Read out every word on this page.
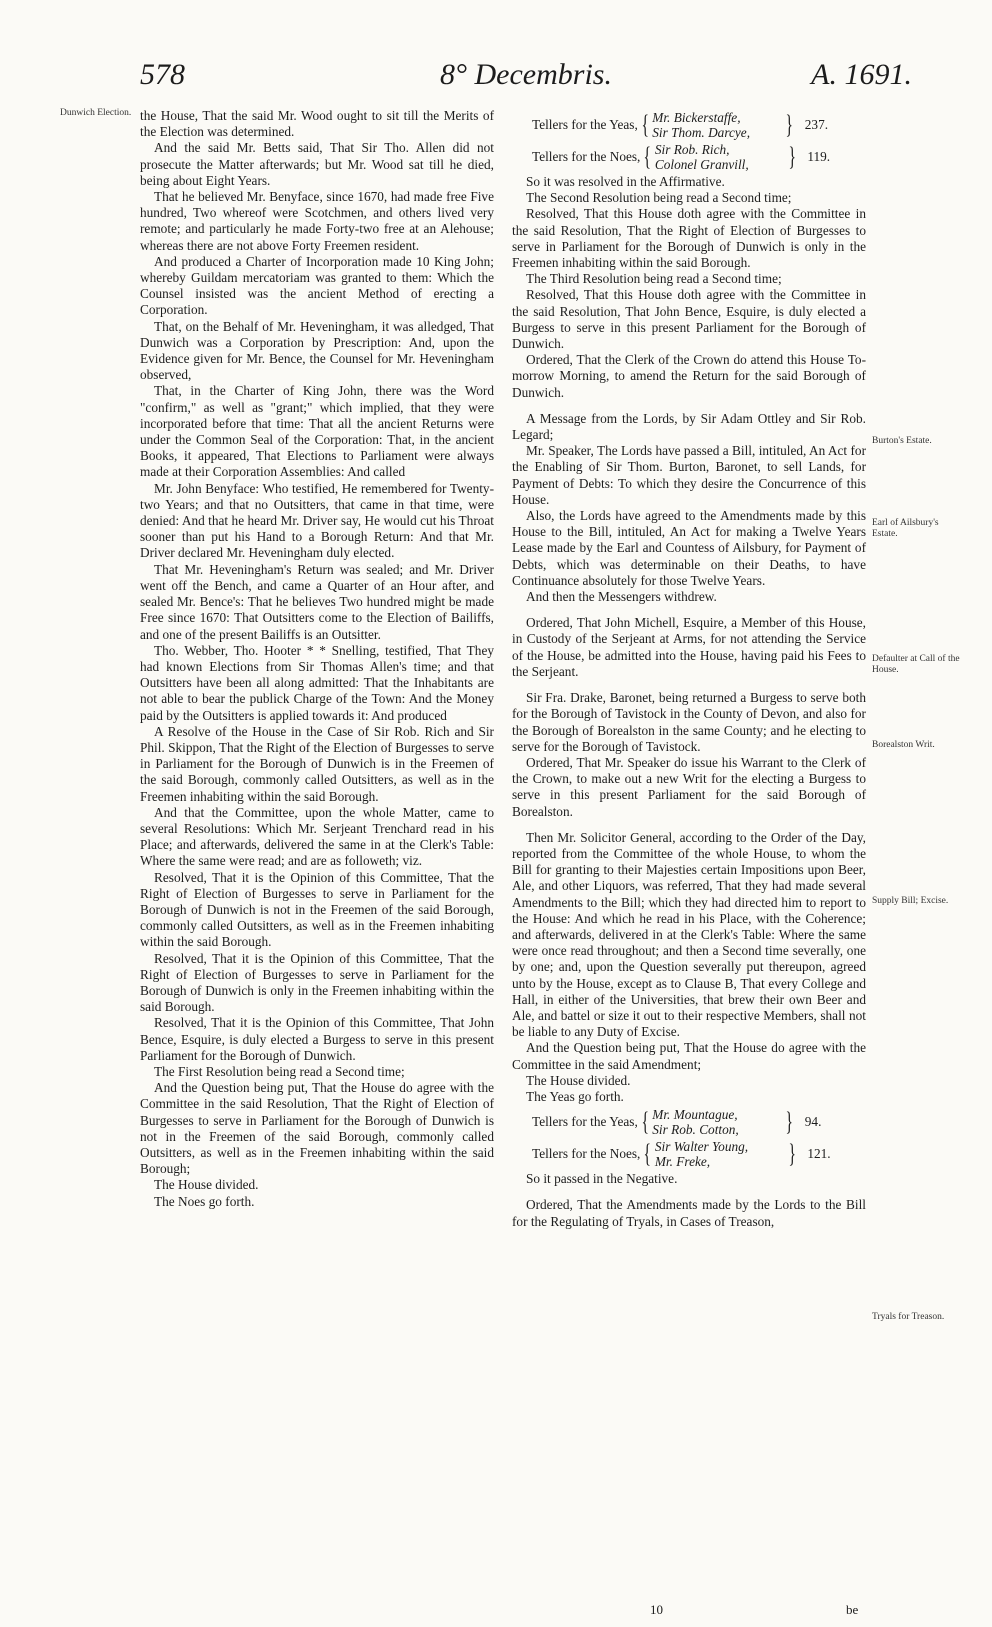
578	8° Decembris.	A. 1691.
Dunwich Election. the House, That the said Mr. Wood ought to sit till the Merits of the Election was determined.

And the said Mr. Betts said, That Sir Tho. Allen did not prosecute the Matter afterwards; but Mr. Wood sat till he died, being about Eight Years.

That he believed Mr. Benyface, since 1670, had made free Five hundred, Two whereof were Scotchmen, and others lived very remote; and particularly he made Forty-two free at an Alehouse; whereas there are not above Forty Freemen resident.

And produced a Charter of Incorporation made 10 King John; whereby Guildam mercatoriam was granted to them: Which the Counsel insisted was the ancient Method of erecting a Corporation.

That, on the Behalf of Mr. Heveningham, it was alledged, That Dunwich was a Corporation by Prescription: And, upon the Evidence given for Mr. Bence, the Counsel for Mr. Heveningham observed,

That, in the Charter of King John, there was the Word "confirm," as well as "grant;" which implied, that they were incorporated before that time: That all the ancient Returns were under the Common Seal of the Corporation: That, in the ancient Books, it appeared, That Elections to Parliament were always made at their Corporation Assemblies: And called

Mr. John Benyface: Who testified, He remembered for Twenty-two Years; and that no Outsitters, that came in that time, were denied: And that he heard Mr. Driver say, He would cut his Throat sooner than put his Hand to a Borough Return: And that Mr. Driver declared Mr. Heveningham duly elected.

That Mr. Heveningham's Return was sealed; and Mr. Driver went off the Bench, and came a Quarter of an Hour after, and sealed Mr. Bence's: That he believes Two hundred might be made Free since 1670: That Outsitters come to the Election of Bailiffs, and one of the present Bailiffs is an Outsitter.

Tho. Webber, Tho. Hooter * * Snelling, testified, That They had known Elections from Sir Thomas Allen's time; and that Outsitters have been all along admitted: That the Inhabitants are not able to bear the publick Charge of the Town: And the Money paid by the Outsitters is applied towards it: And produced

A Resolve of the House in the Case of Sir Rob. Rich and Sir Phil. Skippon, That the Right of the Election of Burgesses to serve in Parliament for the Borough of Dunwich is in the Freemen of the said Borough, commonly called Outsitters, as well as in the Freemen inhabiting within the said Borough.

And that the Committee, upon the whole Matter, came to several Resolutions: Which Mr. Serjeant Trenchard read in his Place; and afterwards, delivered the same in at the Clerk's Table: Where the same were read; and are as followeth; viz.

Resolved, That it is the Opinion of this Committee, That the Right of Election of Burgesses to serve in Parliament for the Borough of Dunwich is not in the Freemen of the said Borough, commonly called Outsitters, as well as in the Freemen inhabiting within the said Borough.

Resolved, That it is the Opinion of this Committee, That the Right of Election of Burgesses to serve in Parliament for the Borough of Dunwich is only in the Freemen inhabiting within the said Borough.

Resolved, That it is the Opinion of this Committee, That John Bence, Esquire, is duly elected a Burgess to serve in this present Parliament for the Borough of Dunwich.

The First Resolution being read a Second time;

And the Question being put, That the House do agree with the Committee in the said Resolution, That the Right of Election of Burgesses to serve in Parliament for the Borough of Dunwich is not in the Freemen of the said Borough, commonly called Outsitters, as well as in the Freemen inhabiting within the said Borough;

The House divided.

The Noes go forth.

Tellers for the Yeas, { Mr. Bickerstaffe,
Sir Thom. Darcye,	} 237.
Tellers for the Noes, { Sir Rob. Rich,
Colonel Granvill,	} 119.

So it was resolved in the Affirmative.

The Second Resolution being read a Second time;

Resolved, That this House doth agree with the Committee in the said Resolution, That the Right of Election of Burgesses to serve in Parliament for the Borough of Dunwich is only in the Freemen inhabiting within the said Borough.

The Third Resolution being read a Second time;

Resolved, That this House doth agree with the Committee in the said Resolution, That John Bence, Esquire, is duly elected a Burgess to serve in this present Parliament for the Borough of Dunwich.

Ordered, That the Clerk of the Crown do attend this House To-morrow Morning, to amend the Return for the said Borough of Dunwich.

A Message from the Lords, by Sir Adam Ottley and Sir Rob. Legard;

Mr. Speaker, The Lords have passed a Bill, intituled, An Act for the Enabling of Sir Thom. Burton, Baronet, to sell Lands, for Payment of Debts: To which they desire the Concurrence of this House.

Also, the Lords have agreed to the Amendments made by this House to the Bill, intituled, An Act for making a Twelve Years Lease made by the Earl and Countess of Ailsbury, for Payment of Debts, which was determinable on their Deaths, to have Continuance absolutely for those Twelve Years.

And then the Messengers withdrew.

Ordered, That John Michell, Esquire, a Member of this House, in Custody of the Serjeant at Arms, for not attending the Service of the House, be admitted into the House, having paid his Fees to the Serjeant.

Sir Fra. Drake, Baronet, being returned a Burgess to serve both for the Borough of Tavistock in the County of Devon, and also for the Borough of Borealston in the same County; and he electing to serve for the Borough of Tavistock.

Ordered, That Mr. Speaker do issue his Warrant to the Clerk of the Crown, to make out a new Writ for the electing a Burgess to serve in this present Parliament for the said Borough of Borealston.

Then Mr. Solicitor General, according to the Order of the Day, reported from the Committee of the whole House, to whom the Bill for granting to their Majesties certain Impositions upon Beer, Ale, and other Liquors, was referred, That they had made several Amendments to the Bill; which they had directed him to report to the House: And which he read in his Place, with the Coherence; and afterwards, delivered in at the Clerk's Table: Where the same were once read throughout; and then a Second time severally, one by one; and, upon the Question severally put thereupon, agreed unto by the House, except as to Clause B, That every College and Hall, in either of the Universities, that brew their own Beer and Ale, and battel or size it out to their respective Members, shall not be liable to any Duty of Excise.

And the Question being put, That the House do agree with the Committee in the said Amendment;

The House divided.

The Yeas go forth.

Tellers for the Yeas, { Mr. Mountague,
Sir Rob. Cotton,	} 94.
Tellers for the Noes, { Sir Walter Young,
Mr. Freke,	} 121.

So it passed in the Negative.

Ordered, That the Amendments made by the Lords to the Bill for the Regulating of Tryals, in Cases of Treason,

Burton's Estate.
Earl of Ailsbury's Estate.
Defaulter at Call of the House.
Borealston Writ.
Supply Bill; Excise.
Tryals for Treason.
10	be
